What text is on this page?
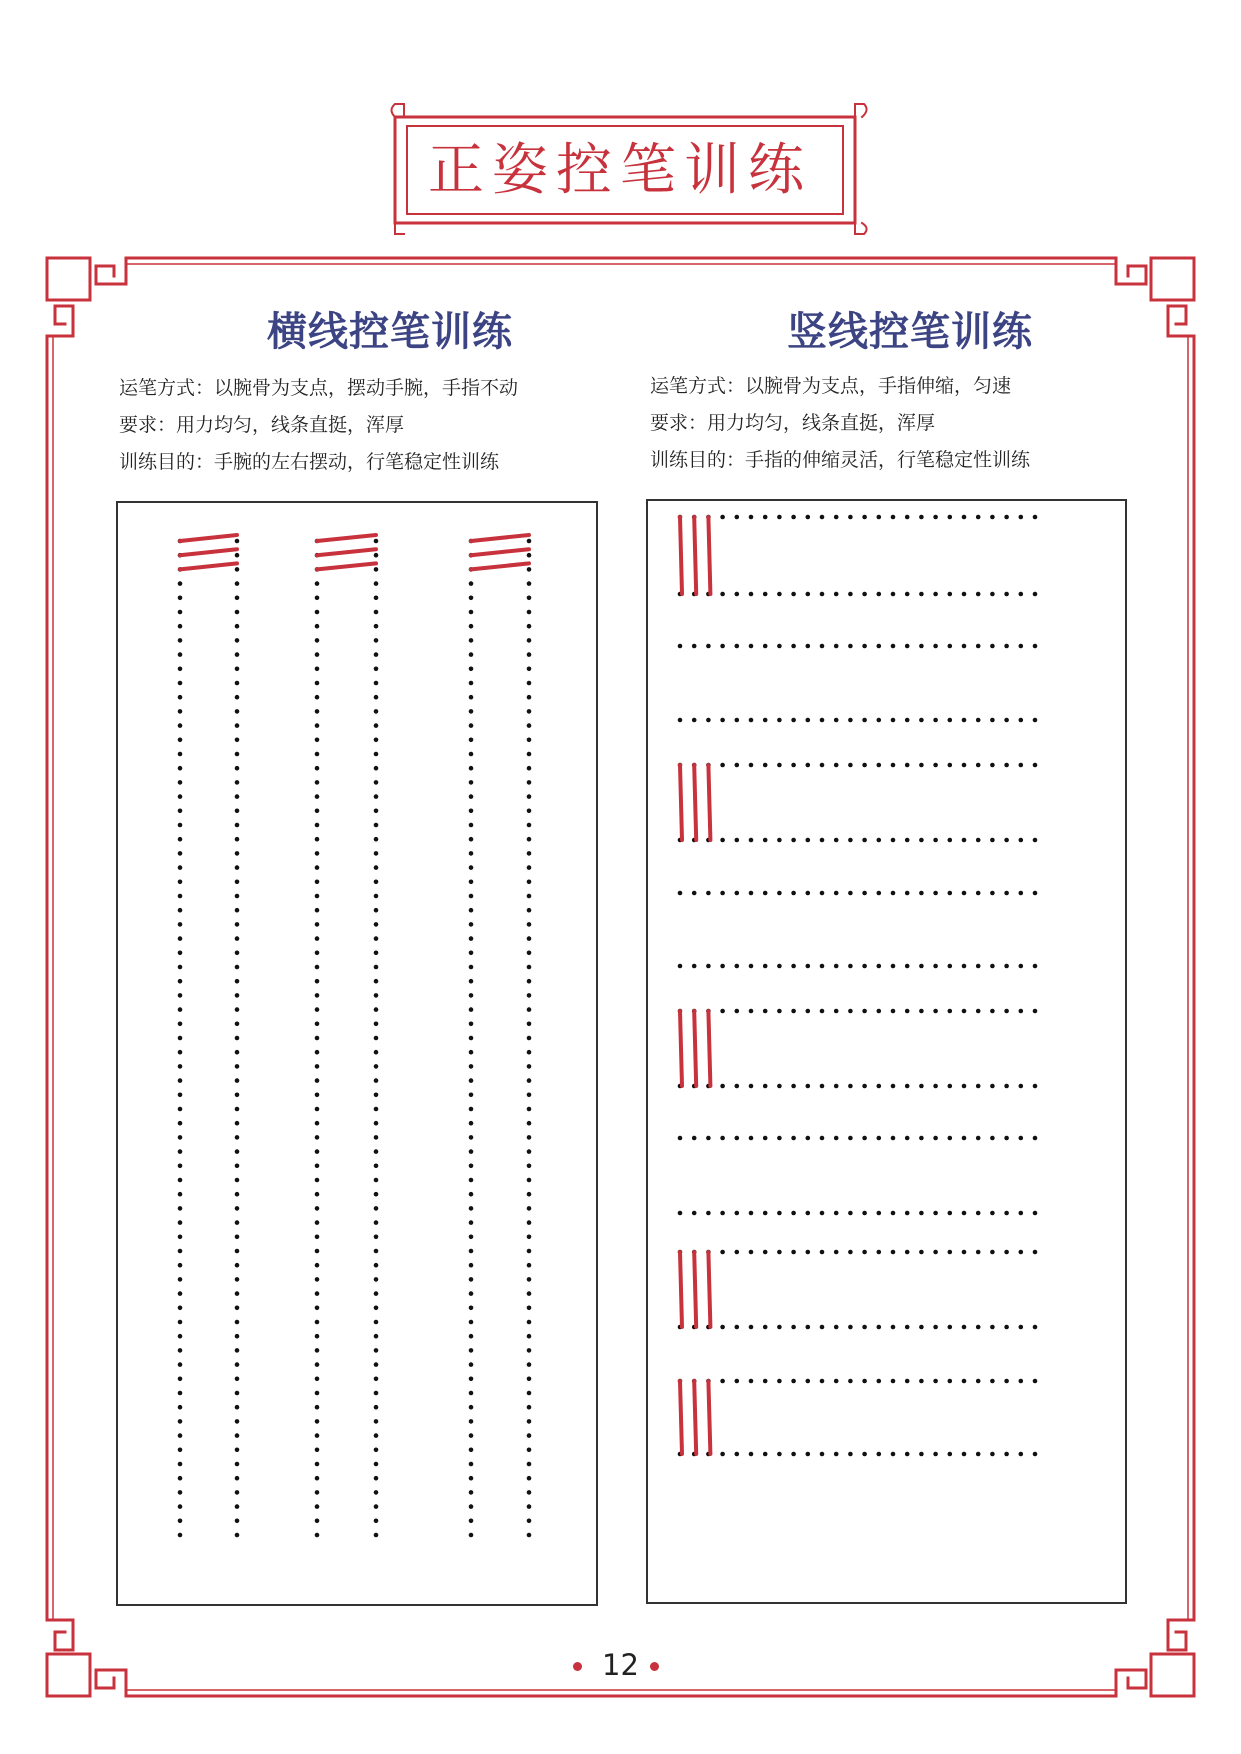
正姿控笔训练
横线控笔训练

运笔方式：以腕骨为支点，摆动手腕，手指不动

要求：用力均匀，线条直挺，浑厚

训练目的：手腕的左右摆动，行笔稳定性训练

竖线控笔训练

运笔方式：以腕骨为支点，手指伸缩，匀速

要求：用力均匀，线条直挺，浑厚

训练目的：手指的伸缩灵活，行笔稳定性训练

12
